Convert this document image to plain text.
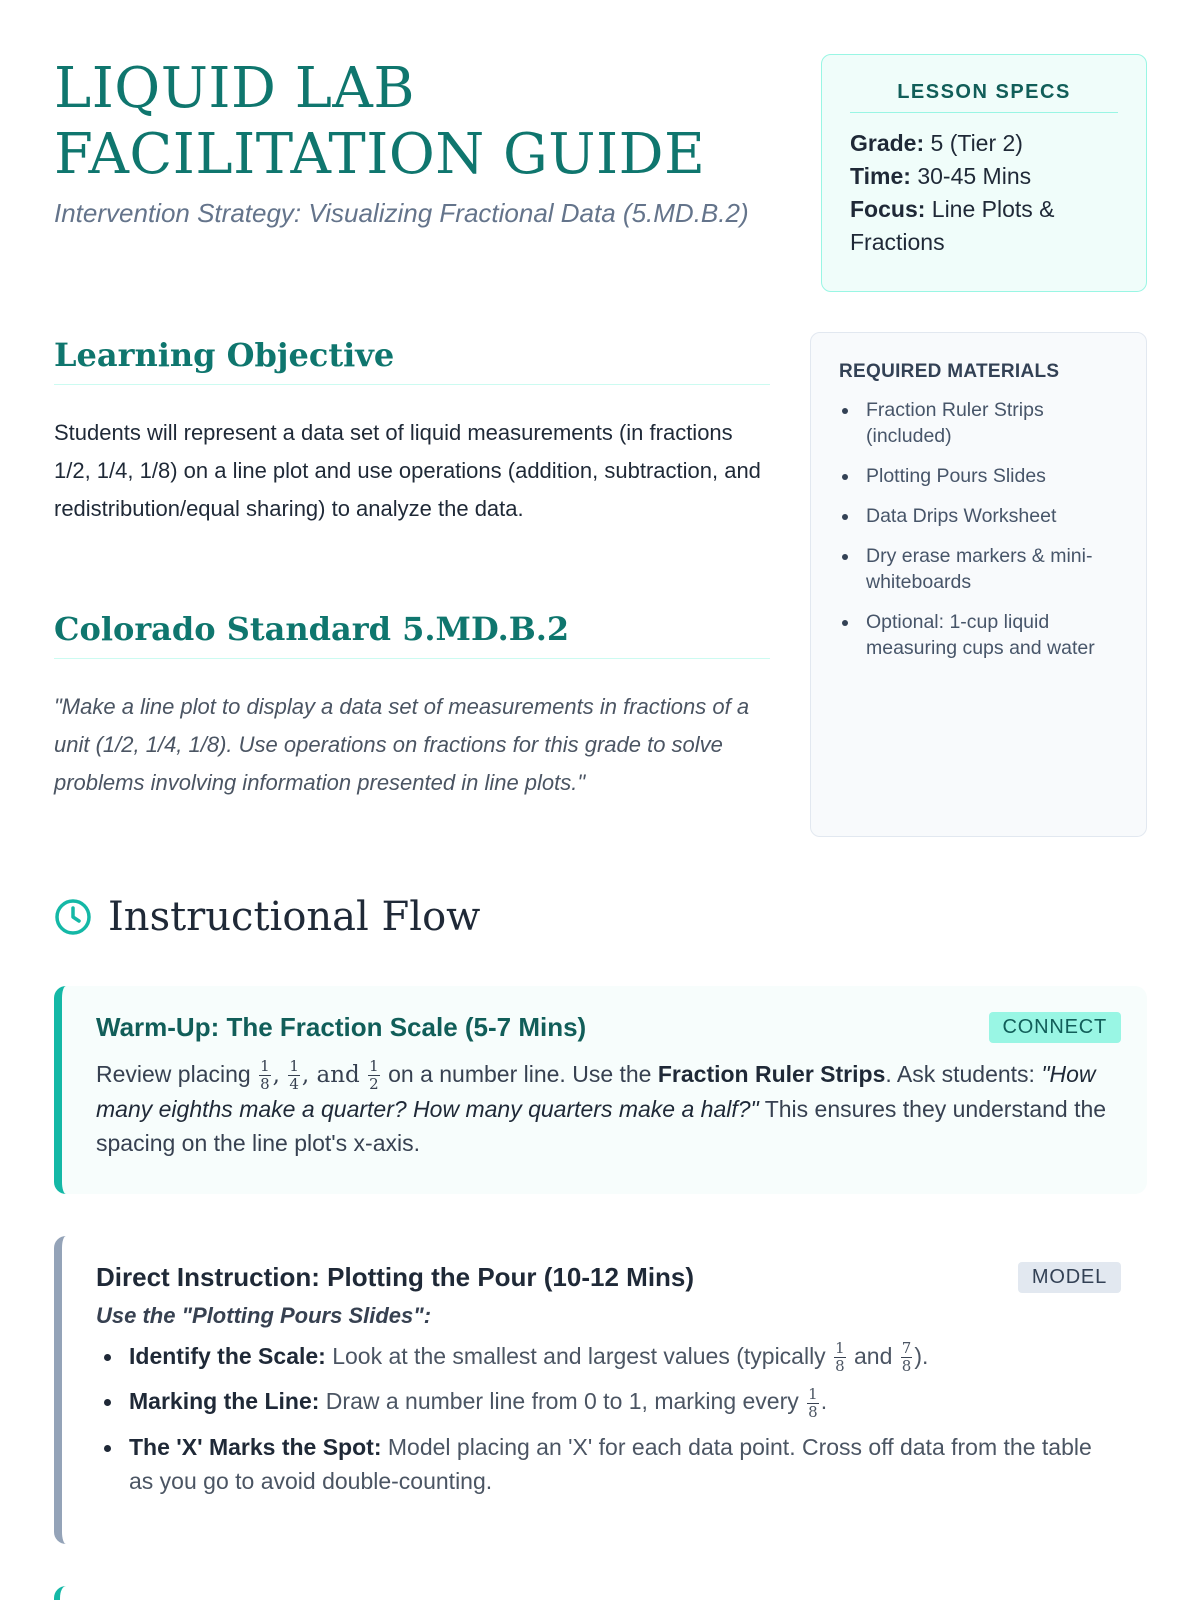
LIQUID LAB FACILITATION GUIDE
Intervention Strategy: Visualizing Fractional Data (5.MD.B.2)
LESSON SPECS
Grade: 5 (Tier 2)
Time: 30-45 Mins
Focus: Line Plots & Fractions
Learning Objective

Students will represent a data set of liquid measurements (in fractions 1/2, 1/4, 1/8) on a line plot and use operations (addition, subtraction, and redistribution/equal sharing) to analyze the data.

Colorado Standard 5.MD.B.2

"Make a line plot to display a data set of measurements in fractions of a unit (1/2, 1/4, 1/8). Use operations on fractions for this grade to solve problems involving information presented in line plots."

REQUIRED MATERIALS
Fraction Ruler Strips (included)
Plotting Pours Slides
Data Drips Worksheet
Dry erase markers & mini-whiteboards
Optional: 1-cup liquid measuring cups and water
Instructional Flow
Warm-Up: The Fraction Scale (5-7 Mins)	CONNECT
Review placing $\frac{1}{8}$ , $\frac{1}{4}$ , and $\frac{1}{2}$ on a number line. Use the Fraction Ruler Strips. Ask students: "How many eighths make a quarter? How many quarters make a half?" This ensures they understand the spacing on the line plot's x-axis.
Direct Instruction: Plotting the Pour (10-12 Mins)	MODEL
Use the "Plotting Pours Slides":
Identify the Scale: Look at the smallest and largest values (typically $\frac{1}{8}$ and $\frac{7}{8}$ ).
Marking the Line: Draw a number line from 0 to 1, marking every $\frac{1}{8}$ .
The 'X' Marks the Spot: Model placing an 'X' for each data point. Cross off data from the table as you go to avoid double-counting.
